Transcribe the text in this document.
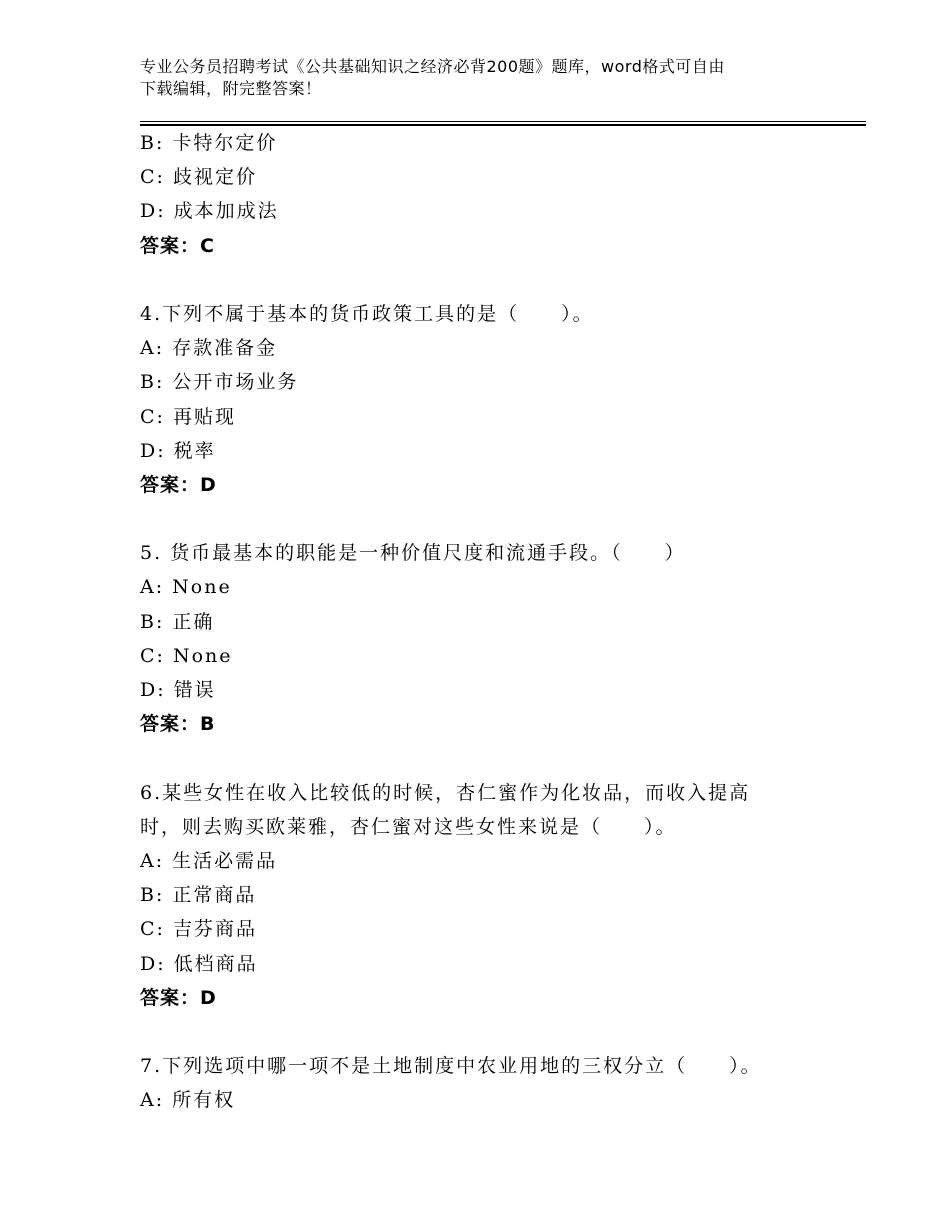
专业公务员招聘考试《公共基础知识之经济必背200题》题库，word格式可自由
下载编辑，附完整答案！
B: 卡特尔定价
C: 歧视定价
D: 成本加成法
答案：C
4.下列不属于基本的货币政策工具的是（　　）。
A: 存款准备金
B: 公开市场业务
C: 再贴现
D: 税率
答案：D
5. 货币最基本的职能是一种价值尺度和流通手段。（　　）
A: None
B: 正确
C: None
D: 错误
答案：B
6.某些女性在收入比较低的时候，杏仁蜜作为化妆品，而收入提高时，则去购买欧莱雅，杏仁蜜对这些女性来说是（　　）。
A: 生活必需品
B: 正常商品
C: 吉芬商品
D: 低档商品
答案：D
7.下列选项中哪一项不是土地制度中农业用地的三权分立（　　）。
A: 所有权
